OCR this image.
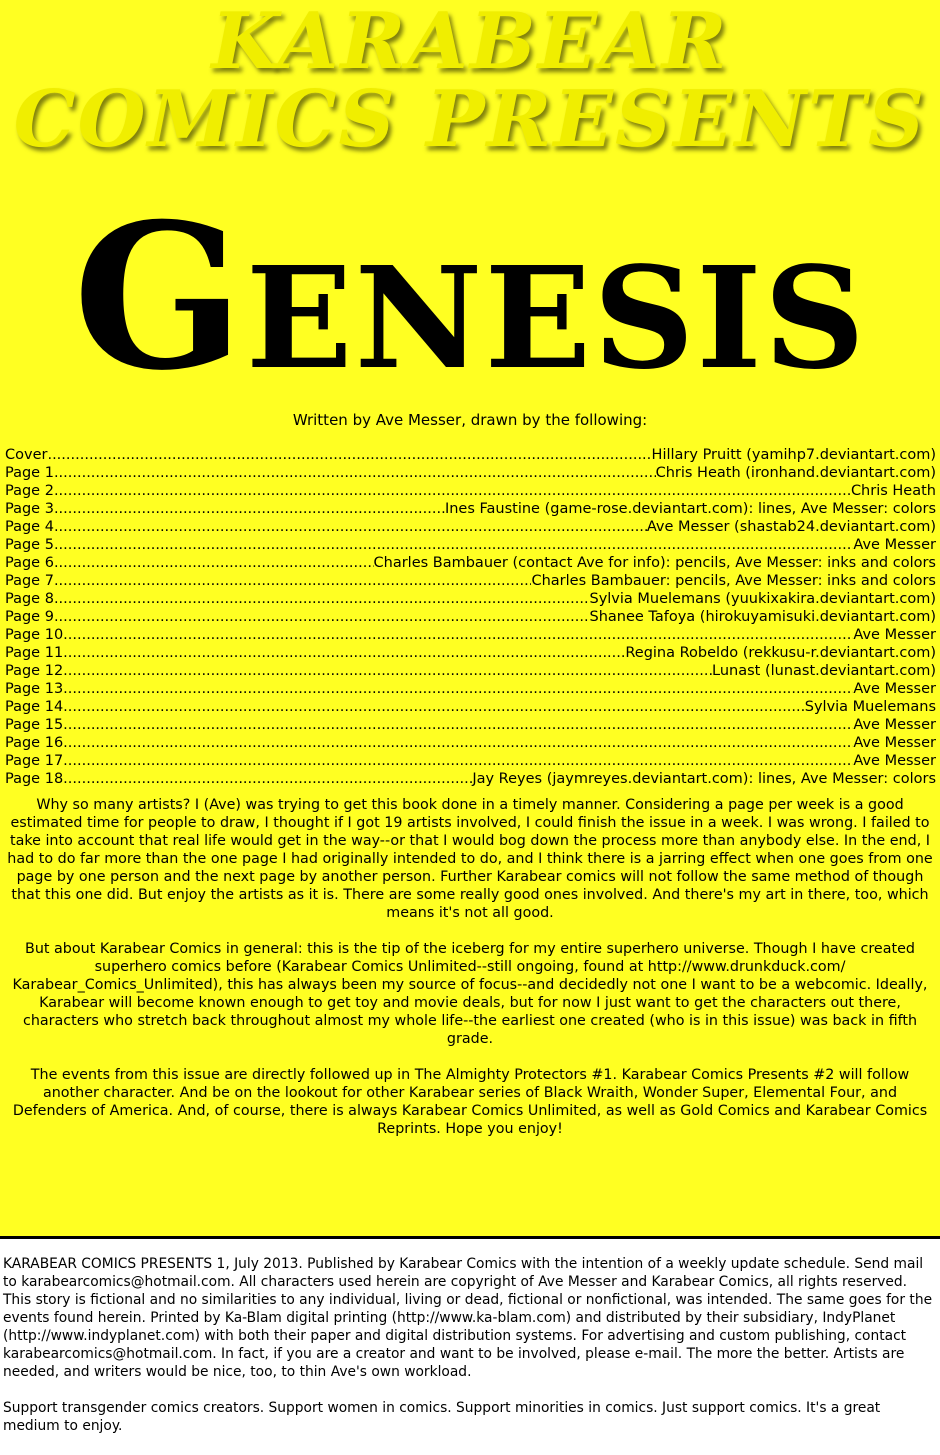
KARABEAR
COMICS PRESENTS
Genesis
Written by Ave Messer, drawn by the following:
Cover .....	Hillary Pruitt (yamihp7.deviantart.com)
Page 1 .....	Chris Heath (ironhand.deviantart.com)
Page 2 .....	Chris Heath
Page 3 .....	Ines Faustine (game-rose.deviantart.com): lines, Ave Messer: colors
Page 4 .....	Ave Messer (shastab24.deviantart.com)
Page 5 .....	Ave Messer
Page 6 .....	Charles Bambauer (contact Ave for info): pencils, Ave Messer: inks and colors
Page 7 .....	Charles Bambauer: pencils, Ave Messer: inks and colors
Page 8 .....	Sylvia Muelemans (yuukixakira.deviantart.com)
Page 9 .....	Shanee Tafoya (hirokuyamisuki.deviantart.com)
Page 10 .....	Ave Messer
Page 11 .....	Regina Robeldo (rekkusu-r.deviantart.com)
Page 12 .....	Lunast (lunast.deviantart.com)
Page 13 .....	Ave Messer
Page 14 .....	Sylvia Muelemans
Page 15 .....	Ave Messer
Page 16 .....	Ave Messer
Page 17 .....	Ave Messer
Page 18 .....	Jay Reyes (jaymreyes.deviantart.com): lines, Ave Messer: colors

Why so many artists? I (Ave) was trying to get this book done in a timely manner. Considering a page per week is a good estimated time for people to draw, I thought if I got 19 artists involved, I could finish the issue in a week. I was wrong. I failed to take into account that real life would get in the way--or that I would bog down the process more than anybody else. In the end, I had to do far more than the one page I had originally intended to do, and I think there is a jarring effect when one goes from one page by one person and the next page by another person. Further Karabear comics will not follow the same method of though that this one did. But enjoy the artists as it is. There are some really good ones involved. And there's my art in there, too, which means it's not all good.

But about Karabear Comics in general: this is the tip of the iceberg for my entire superhero universe. Though I have created superhero comics before (Karabear Comics Unlimited--still ongoing, found at http://www.drunkduck.com/ Karabear_Comics_Unlimited), this has always been my source of focus--and decidedly not one I want to be a webcomic. Ideally, Karabear will become known enough to get toy and movie deals, but for now I just want to get the characters out there, characters who stretch back throughout almost my whole life--the earliest one created (who is in this issue) was back in fifth grade.

The events from this issue are directly followed up in The Almighty Protectors #1. Karabear Comics Presents #2 will follow another character. And be on the lookout for other Karabear series of Black Wraith, Wonder Super, Elemental Four, and Defenders of America. And, of course, there is always Karabear Comics Unlimited, as well as Gold Comics and Karabear Comics Reprints. Hope you enjoy!

KARABEAR COMICS PRESENTS 1, July 2013. Published by Karabear Comics with the intention of a weekly update schedule. Send mail to karabearcomics@hotmail.com. All characters used herein are copyright of Ave Messer and Karabear Comics, all rights reserved. This story is fictional and no similarities to any individual, living or dead, fictional or nonfictional, was intended. The same goes for the events found herein. Printed by Ka-Blam digital printing (http://www.ka-blam.com) and distributed by their subsidiary, IndyPlanet (http://www.indyplanet.com) with both their paper and digital distribution systems. For advertising and custom publishing, contact karabearcomics@hotmail.com. In fact, if you are a creator and want to be involved, please e-mail. The more the better. Artists are needed, and writers would be nice, too, to thin Ave's own workload.

Support transgender comics creators. Support women in comics. Support minorities in comics. Just support comics. It's a great medium to enjoy.
